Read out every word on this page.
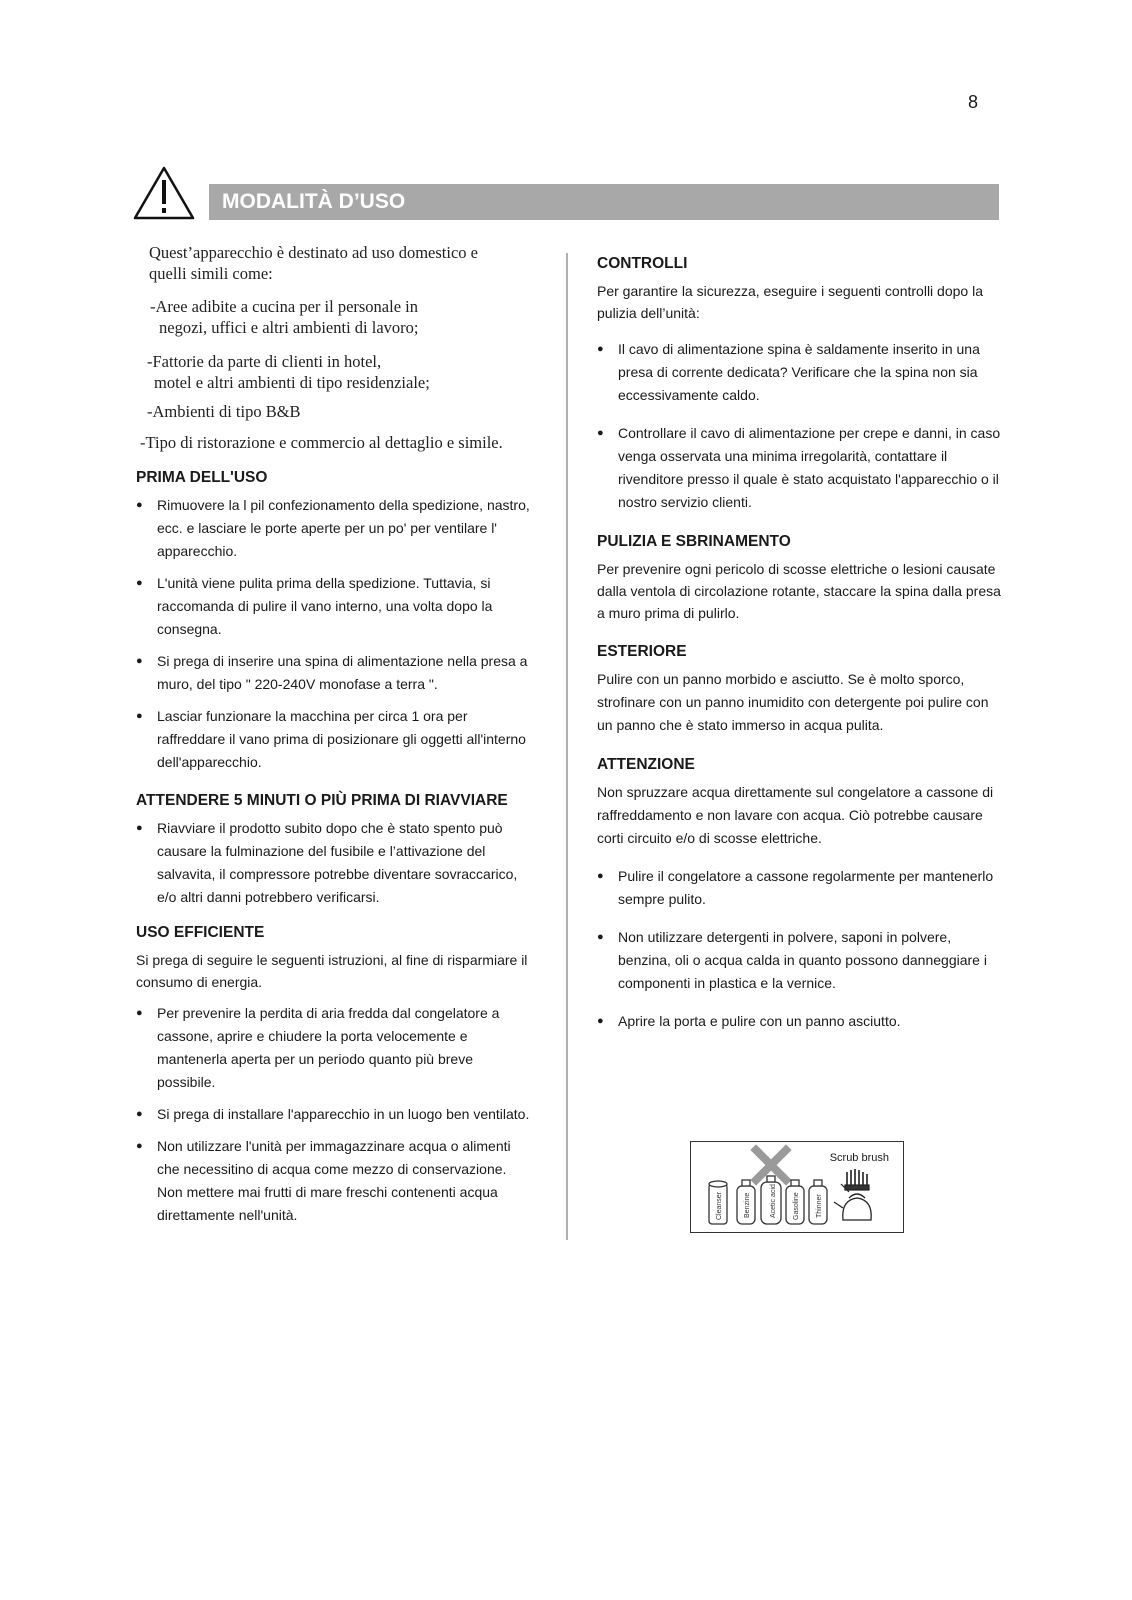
8
MODALITÀ D’USO

Quest’apparecchio è destinato ad uso domestico e

quelli simili come:

-Aree adibite a cucina per il personale in

negozi, uffici e altri ambienti di lavoro;

-Fattorie da parte di clienti in hotel,

motel e altri ambienti di tipo residenziale;

-Ambienti di tipo B&B

-Tipo di ristorazione e commercio al dettaglio e simile.

PRIMA DELL'USO
● Rimuovere la l pil confezionamento della spedizione, nastro, ecc. e lasciare le porte aperte per un po' per ventilare l' apparecchio.
● L'unità viene pulita prima della spedizione. Tuttavia, si raccomanda di pulire il vano interno, una volta dopo la consegna.
● Si prega di inserire una spina di alimentazione nella presa a muro, del tipo " 220-240V monofase a terra ".
● Lasciar funzionare la macchina per circa 1 ora per raffreddare il vano prima di posizionare gli oggetti all'interno dell'apparecchio.
ATTENDERE 5 MINUTI O PIÙ PRIMA DI RIAVVIARE
● Riavviare il prodotto subito dopo che è stato spento può causare la fulminazione del fusibile e l’attivazione del salvavita, il compressore potrebbe diventare sovraccarico, e/o altri danni potrebbero verificarsi.
USO EFFICIENTE

Si prega di seguire le seguenti istruzioni, al fine di risparmiare il consumo di energia.

● Per prevenire la perdita di aria fredda dal congelatore a cassone, aprire e chiudere la porta velocemente e mantenerla aperta per un periodo quanto più breve possibile.
● Si prega di installare l'apparecchio in un luogo ben ventilato.
● Non utilizzare l'unità per immagazzinare acqua o alimenti che necessitino di acqua come mezzo di conservazione. Non mettere mai frutti di mare freschi contenenti acqua direttamente nell'unità.
CONTROLLI

Per garantire la sicurezza, eseguire i seguenti controlli dopo la pulizia dell’unità:

● Il cavo di alimentazione spina è saldamente inserito in una presa di corrente dedicata? Verificare che la spina non sia eccessivamente caldo.
● Controllare il cavo di alimentazione per crepe e danni, in caso venga osservata una minima irregolarità, contattare il rivenditore presso il quale è stato acquistato l'apparecchio o il nostro servizio clienti.
PULIZIA E SBRINAMENTO

Per prevenire ogni pericolo di scosse elettriche o lesioni causate dalla ventola di circolazione rotante, staccare la spina dalla presa a muro prima di pulirlo.

ESTERIORE

Pulire con un panno morbido e asciutto. Se è molto sporco, strofinare con un panno inumidito con detergente poi pulire con un panno che è stato immerso in acqua pulita.

ATTENZIONE

Non spruzzare acqua direttamente sul congelatore a cassone di raffreddamento e non lavare con acqua. Ciò potrebbe causare corti circuito e/o di scosse elettriche.

● Pulire il congelatore a cassone regolarmente per mantenerlo sempre pulito.
● Non utilizzare detergenti in polvere, saponi in polvere, benzina, oli o acqua calda in quanto possono danneggiare i componenti in plastica e la vernice.
● Aprire la porta e pulire con un panno asciutto.
Scrub brush
Cleanser	Benzine	Acetic acid Gasoline Thinner
